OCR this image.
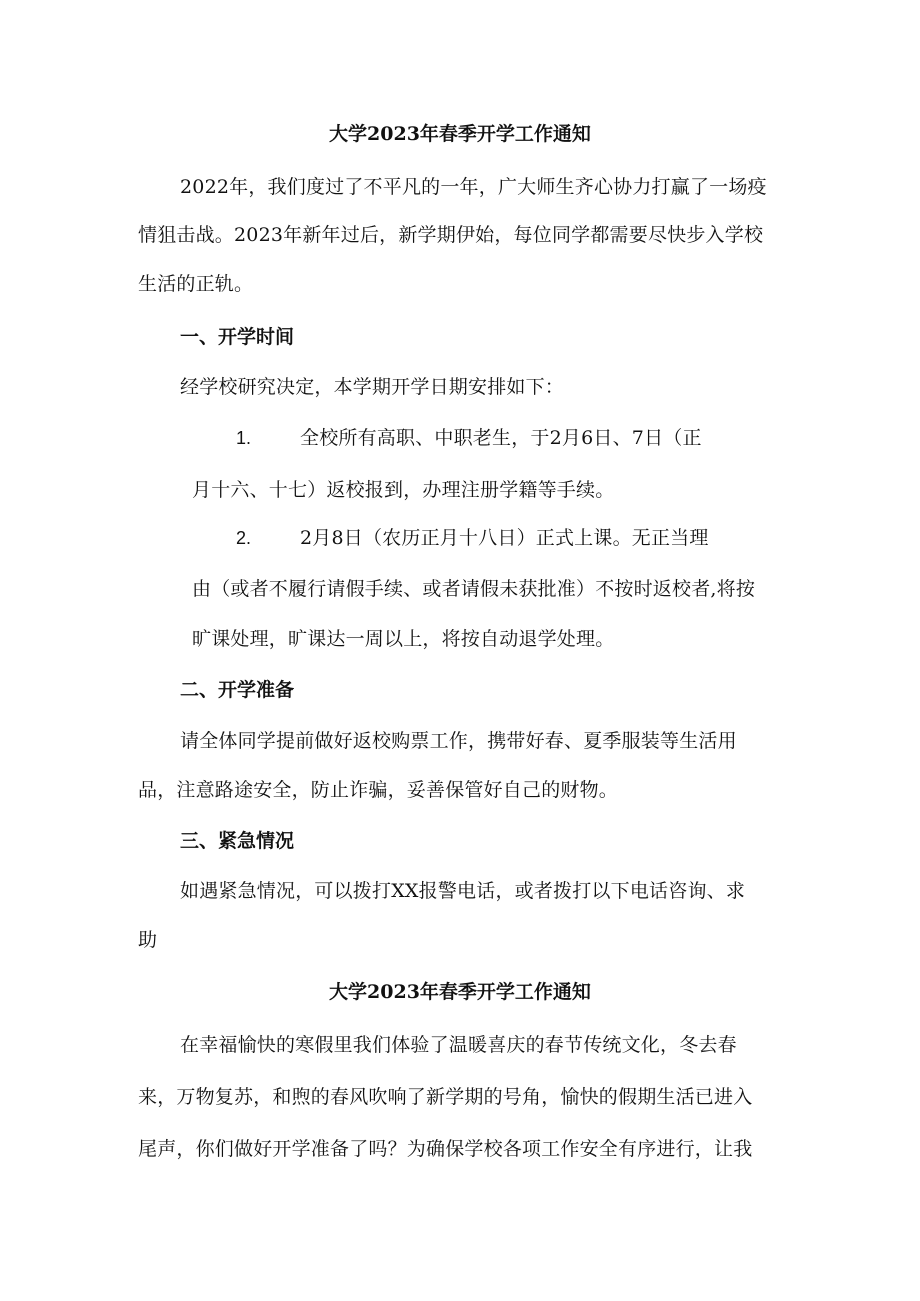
大学2023年春季开学工作通知
2022年，我们度过了不平凡的一年，广大师生齐心协力打赢了一场疫
情狙击战。2023年新年过后，新学期伊始，每位同学都需要尽快步入学校
生活的正轨。
一、开学时间
经学校研究决定，本学期开学日期安排如下：
1.	全校所有高职、中职老生，于2月6日、7日（正
月十六、十七）返校报到，办理注册学籍等手续。
2.	2月8日（农历正月十八日）正式上课。无正当理
由（或者不履行请假手续、或者请假未获批准）不按时返校者,将按
旷课处理，旷课达一周以上，将按自动退学处理。
二、开学准备
请全体同学提前做好返校购票工作，携带好春、夏季服装等生活用
品，注意路途安全，防止诈骗，妥善保管好自己的财物。
三、紧急情况
如遇紧急情况，可以拨打XX报警电话，或者拨打以下电话咨询、求
助
大学2023年春季开学工作通知
在幸福愉快的寒假里我们体验了温暖喜庆的春节传统文化，冬去春
来，万物复苏，和煦的春风吹响了新学期的号角，愉快的假期生活已进入
尾声，你们做好开学准备了吗？为确保学校各项工作安全有序进行，让我
